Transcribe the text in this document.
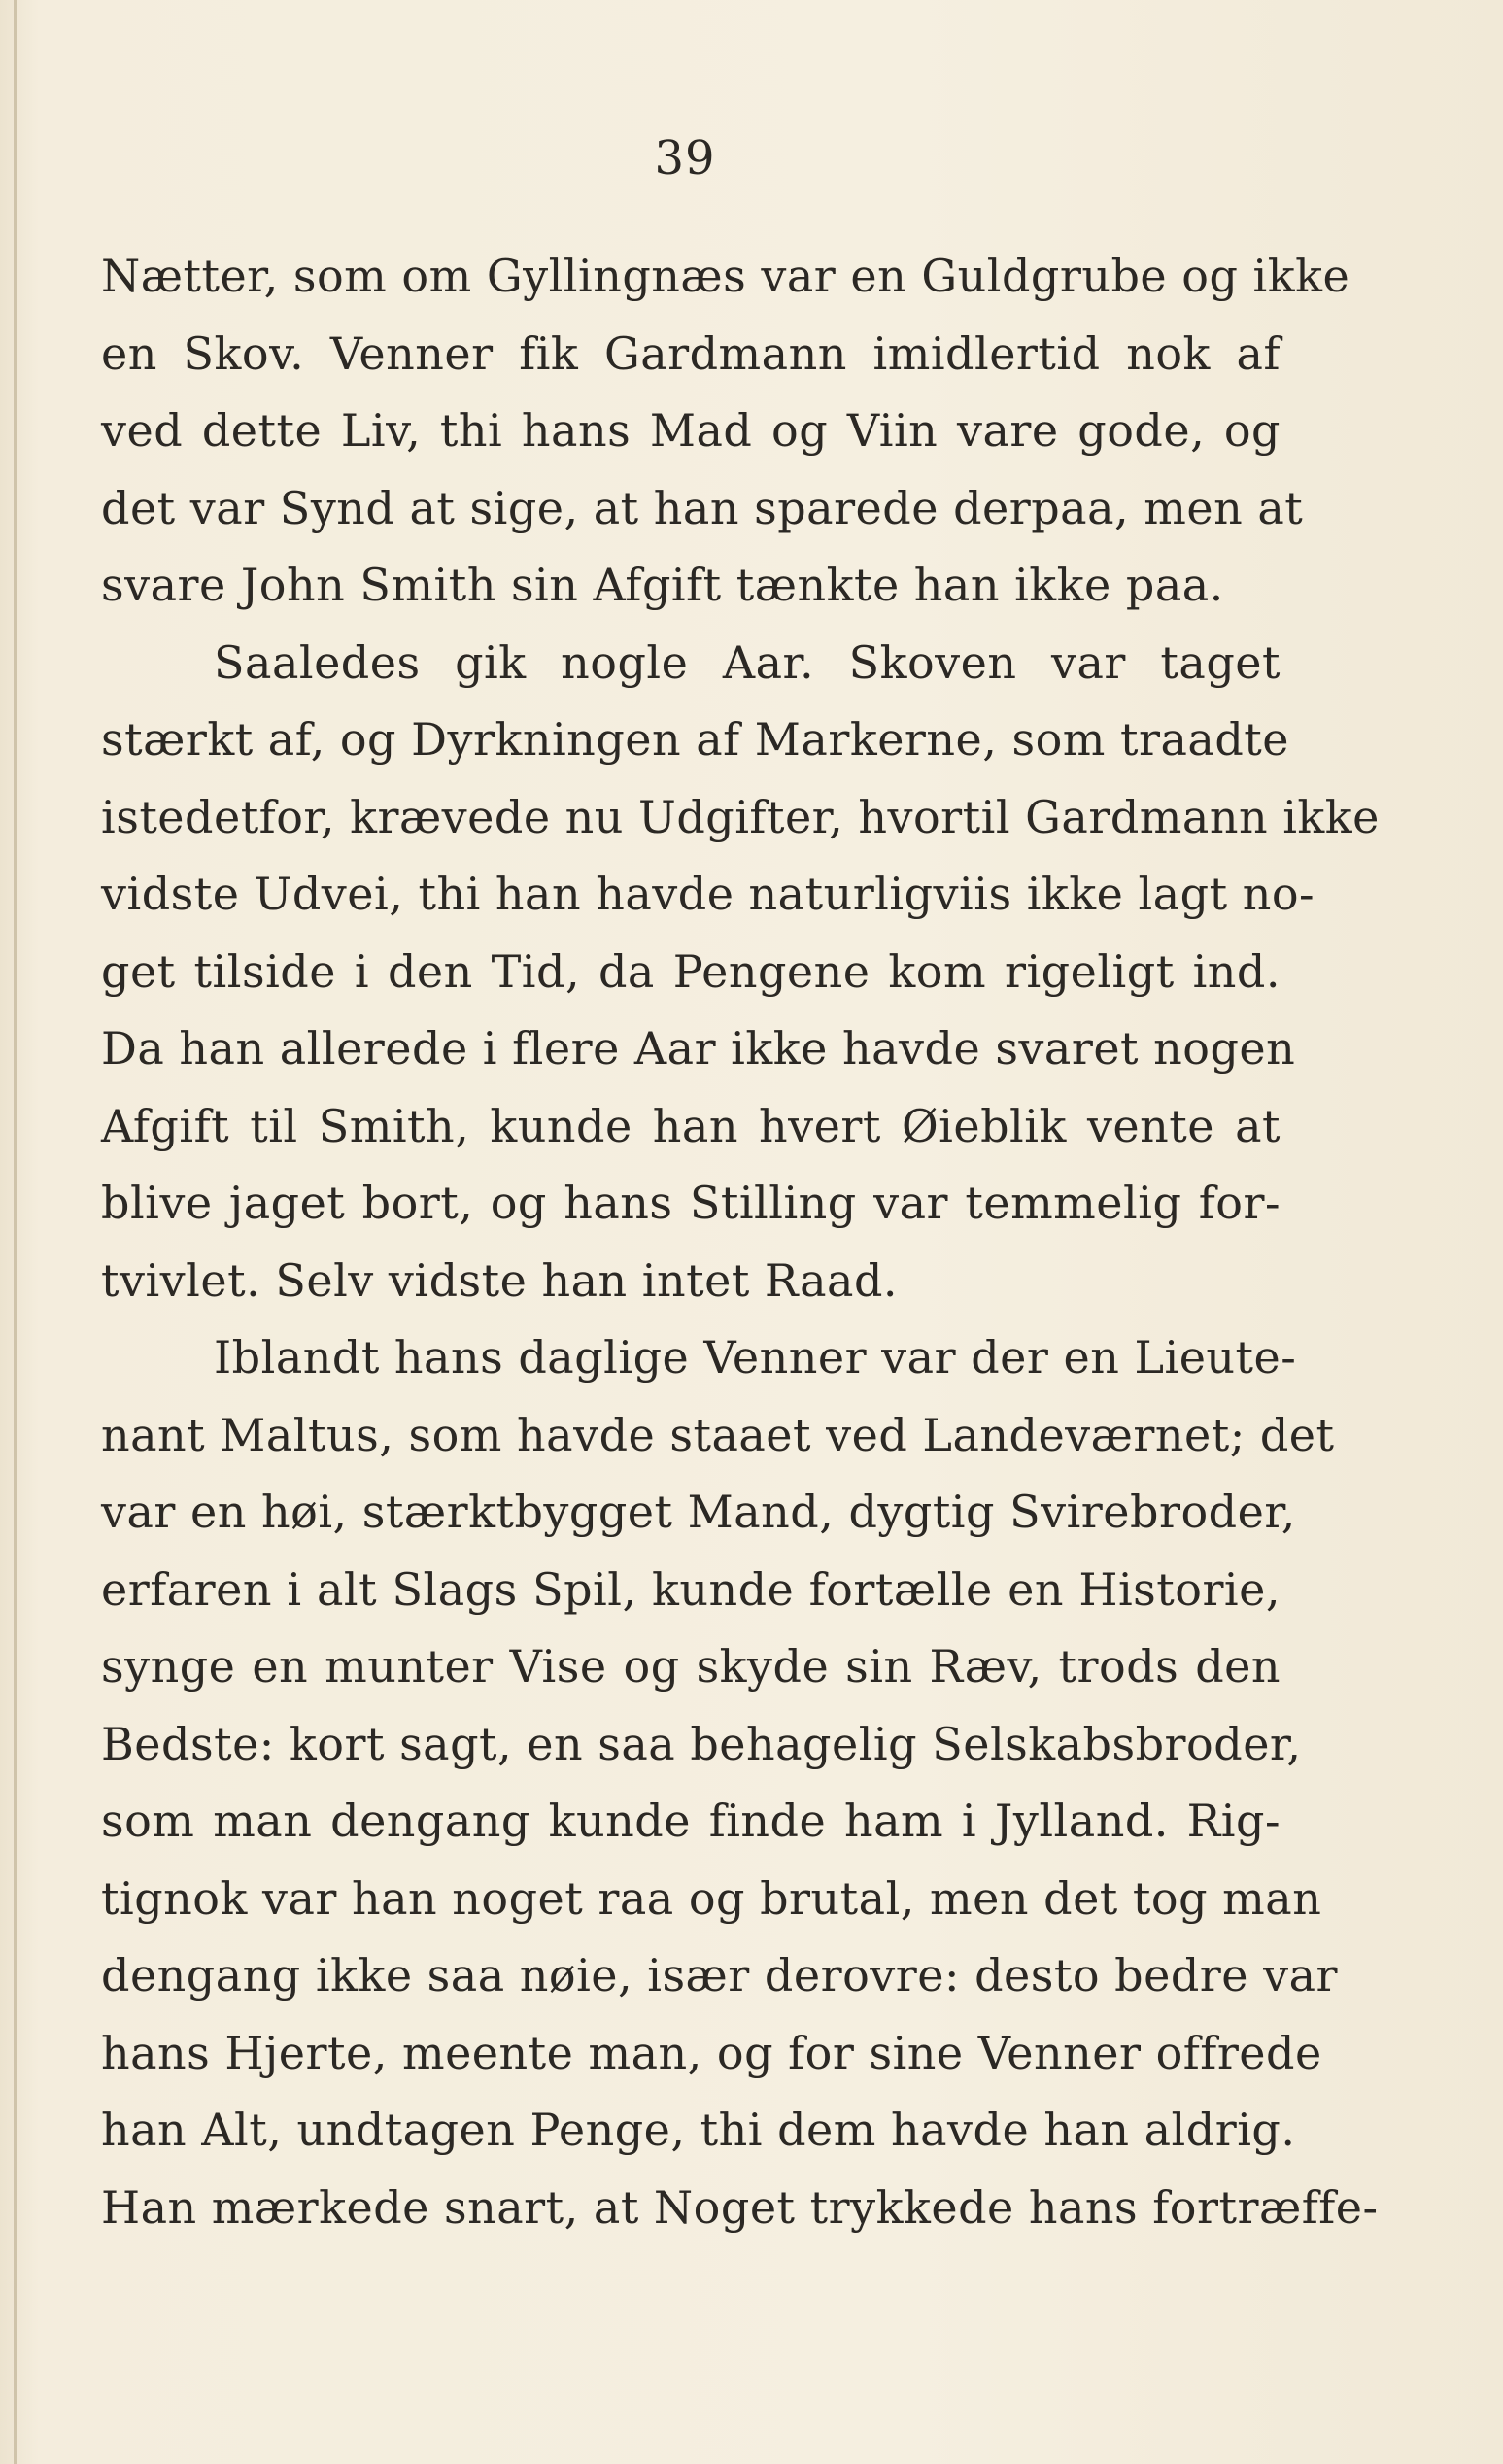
39
Nætter, som om Gyllingnæs var en Guldgrube og ikke
en Skov. Venner fik Gardmann imidlertid nok af
ved dette Liv, thi hans Mad og Viin vare gode, og
det var Synd at sige, at han sparede derpaa, men at
svare John Smith sin Afgift tænkte han ikke paa.
Saaledes gik nogle Aar. Skoven var taget
stærkt af, og Dyrkningen af Markerne, som traadte
istedetfor, krævede nu Udgifter, hvortil Gardmann ikke
vidste Udvei, thi han havde naturligviis ikke lagt no-
get tilside i den Tid, da Pengene kom rigeligt ind.
Da han allerede i flere Aar ikke havde svaret nogen
Afgift til Smith, kunde han hvert Øieblik vente at
blive jaget bort, og hans Stilling var temmelig for-
tvivlet. Selv vidste han intet Raad.
Iblandt hans daglige Venner var der en Lieute-
nant Maltus, som havde staaet ved Landeværnet; det
var en høi, stærktbygget Mand, dygtig Svirebroder,
erfaren i alt Slags Spil, kunde fortælle en Historie,
synge en munter Vise og skyde sin Ræv, trods den
Bedste: kort sagt, en saa behagelig Selskabsbroder,
som man dengang kunde finde ham i Jylland. Rig-
tignok var han noget raa og brutal, men det tog man
dengang ikke saa nøie, især derovre: desto bedre var
hans Hjerte, meente man, og for sine Venner offrede
han Alt, undtagen Penge, thi dem havde han aldrig.
Han mærkede snart, at Noget trykkede hans fortræffe-
